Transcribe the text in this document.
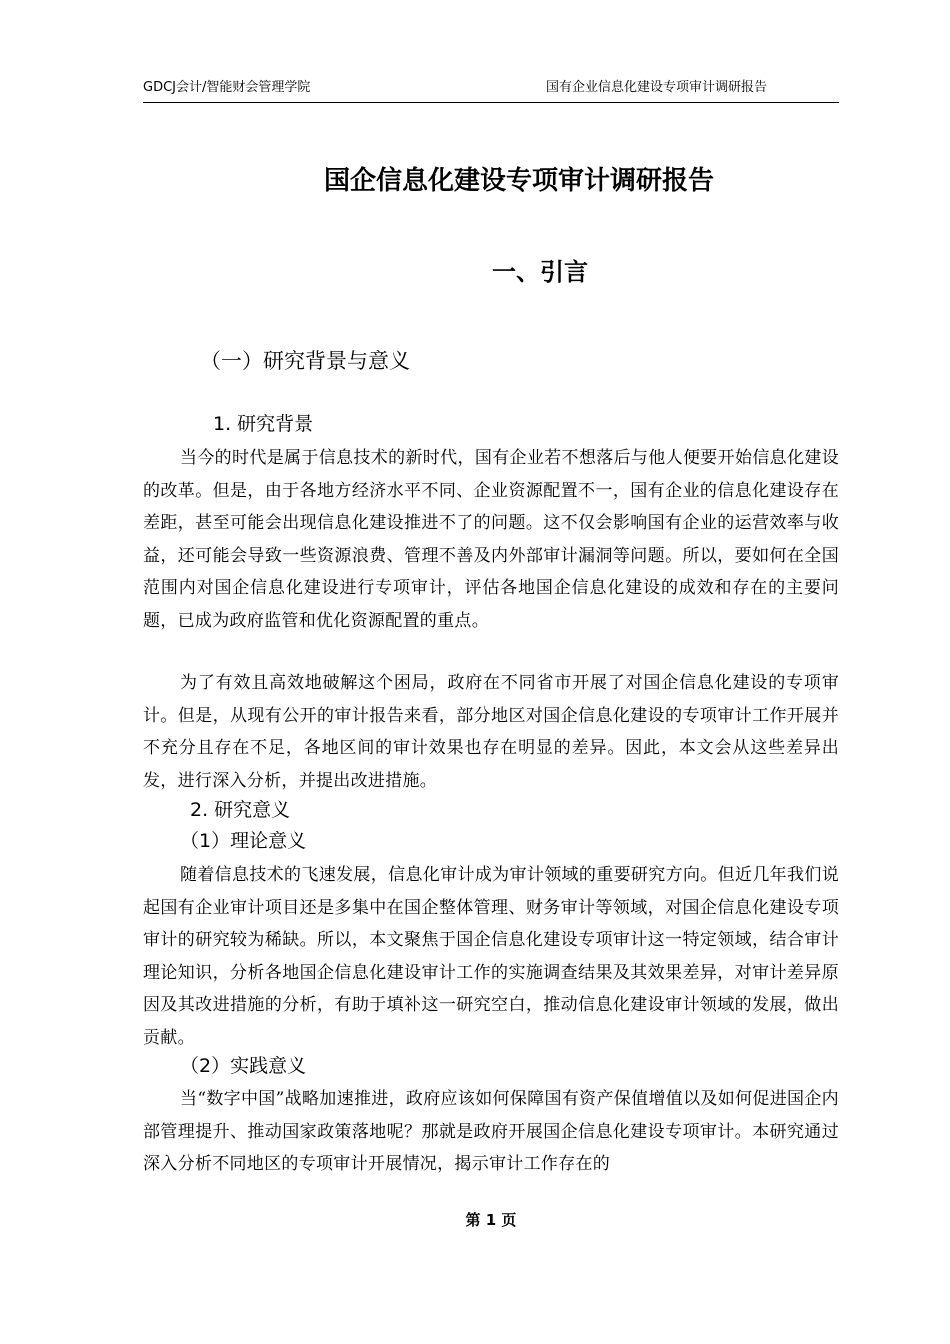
GDCJ会计/智能财会管理学院	国有企业信息化建设专项审计调研报告
国企信息化建设专项审计调研报告
一、引言
（一）研究背景与意义
1. 研究背景

当今的时代是属于信息技术的新时代，国有企业若不想落后与他人便要开始信息化建设的改革。但是，由于各地方经济水平不同、企业资源配置不一，国有企业的信息化建设存在差距，甚至可能会出现信息化建设推进不了的问题。这不仅会影响国有企业的运营效率与收益，还可能会导致一些资源浪费、管理不善及内外部审计漏洞等问题。所以，要如何在全国范围内对国企信息化建设进行专项审计，评估各地国企信息化建设的成效和存在的主要问题，已成为政府监管和优化资源配置的重点。

为了有效且高效地破解这个困局，政府在不同省市开展了对国企信息化建设的专项审计。但是，从现有公开的审计报告来看，部分地区对国企信息化建设的专项审计工作开展并不充分且存在不足，各地区间的审计效果也存在明显的差异。因此，本文会从这些差异出发，进行深入分析，并提出改进措施。

2. 研究意义
（1）理论意义

随着信息技术的飞速发展，信息化审计成为审计领域的重要研究方向。但近几年我们说起国有企业审计项目还是多集中在国企整体管理、财务审计等领域，对国企信息化建设专项审计的研究较为稀缺。所以，本文聚焦于国企信息化建设专项审计这一特定领域，结合审计理论知识，分析各地国企信息化建设审计工作的实施调查结果及其效果差异，对审计差异原因及其改进措施的分析，有助于填补这一研究空白，推动信息化建设审计领域的发展，做出贡献。

（2）实践意义

当“数字中国”战略加速推进，政府应该如何保障国有资产保值增值以及如何促进国企内部管理提升、推动国家政策落地呢？那就是政府开展国企信息化建设专项审计。本研究通过深入分析不同地区的专项审计开展情况，揭示审计工作存在的

第 1 页
